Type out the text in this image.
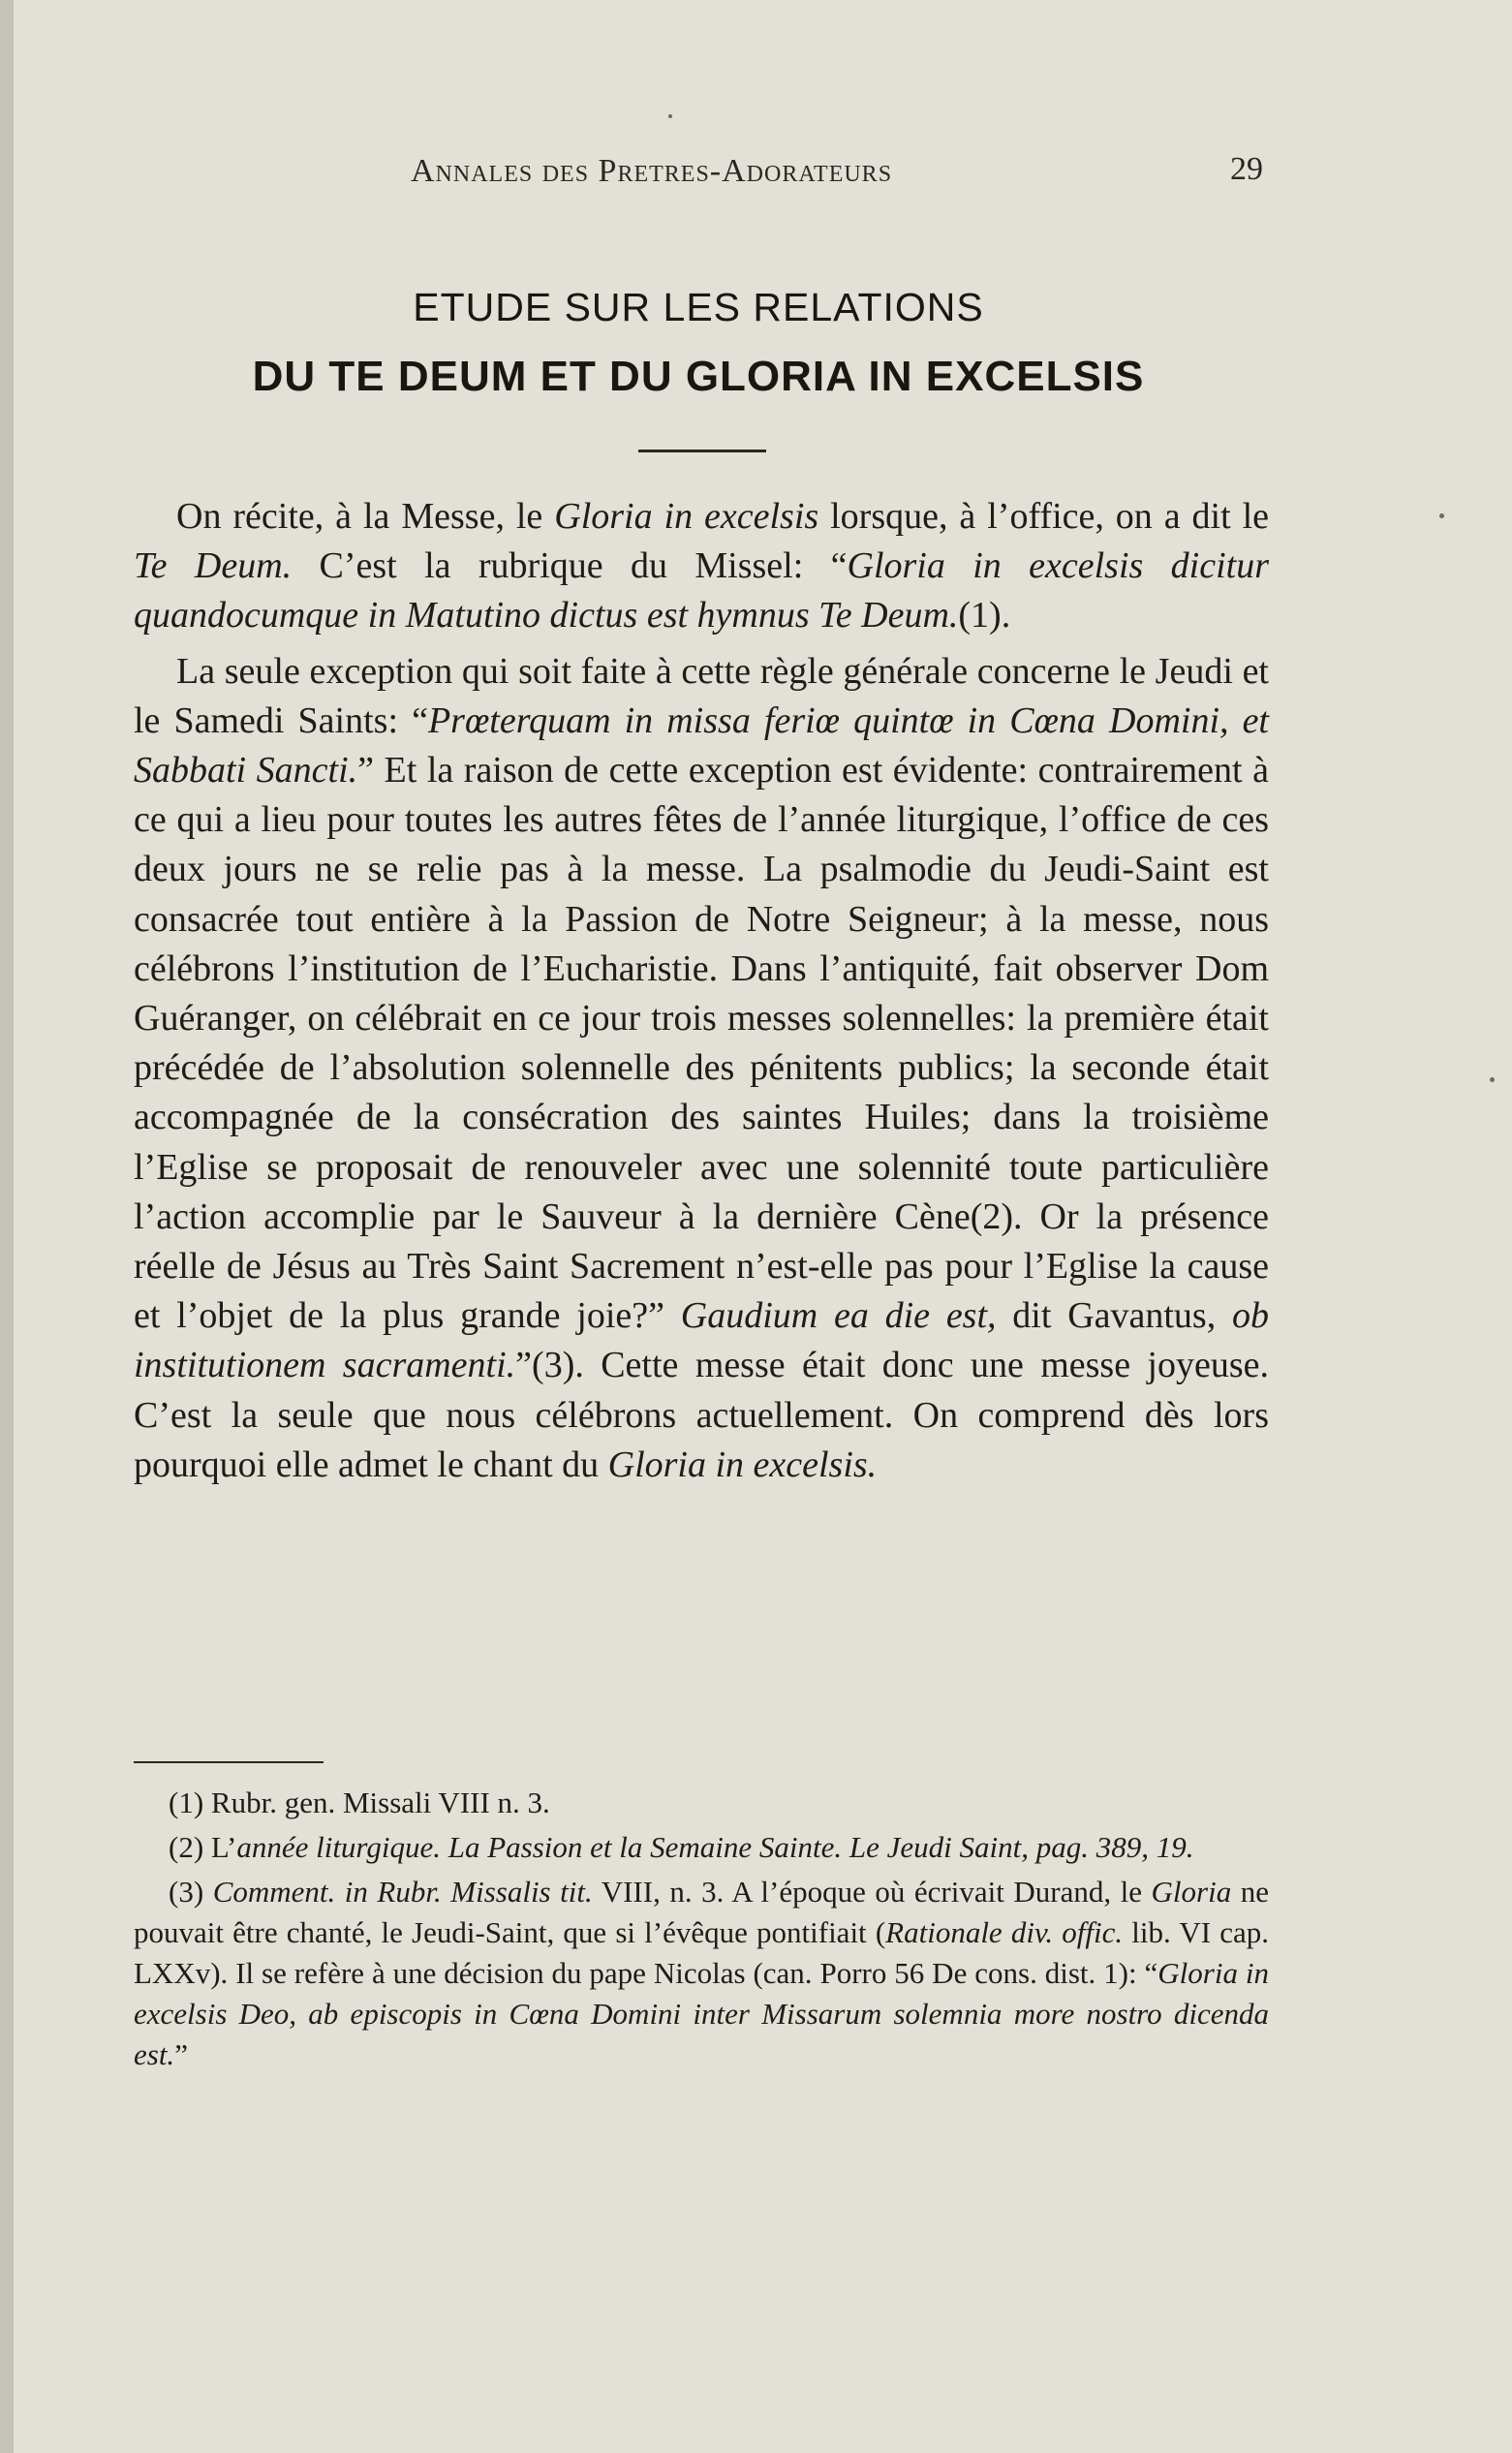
Annales des Pretres-Adorateurs	29
ETUDE SUR LES RELATIONS
DU TE DEUM ET DU GLORIA IN EXCELSIS

On récite, à la Messe, le Gloria in excelsis lorsque, à l’office, on a dit le Te Deum. C’est la rubrique du Missel: “Gloria in excelsis dicitur quandocumque in Matutino dictus est hymnus Te Deum.(1).

La seule exception qui soit faite à cette règle générale concerne le Jeudi et le Samedi Saints: “Prœterquam in missa feriœ quintœ in Cœna Domini, et Sabbati Sancti.” Et la raison de cette exception est évidente: contrairement à ce qui a lieu pour toutes les autres fêtes de l’année liturgique, l’office de ces deux jours ne se relie pas à la messe. La psalmodie du Jeudi-Saint est consacrée tout entière à la Passion de Notre Seigneur; à la messe, nous célébrons l’institution de l’Eucharistie. Dans l’antiquité, fait observer Dom Guéranger, on célébrait en ce jour trois messes solennelles: la première était précédée de l’absolution solennelle des pénitents publics; la seconde était accompagnée de la consécration des saintes Huiles; dans la troisième l’Eglise se proposait de renouveler avec une solennité toute particulière l’action accomplie par le Sauveur à la dernière Cène(2). Or la présence réelle de Jésus au Très Saint Sacrement n’est-elle pas pour l’Eglise la cause et l’objet de la plus grande joie?” Gaudium ea die est, dit Gavantus, ob institutionem sacramenti.”(3). Cette messe était donc une messe joyeuse. C’est la seule que nous célébrons actuellement. On comprend dès lors pourquoi elle admet le chant du Gloria in excelsis.

(1) Rubr. gen. Missali VIII n. 3.

(2) L’année liturgique. La Passion et la Semaine Sainte. Le Jeudi Saint, pag. 389, 19.

(3) Comment. in Rubr. Missalis tit. VIII, n. 3. A l’époque où écrivait Durand, le Gloria ne pouvait être chanté, le Jeudi-Saint, que si l’évêque pontifiait (Rationale div. offic. lib. VI cap. LXXv). Il se refère à une décision du pape Nicolas (can. Porro 56 De cons. dist. 1): “Gloria in excelsis Deo, ab episcopis in Cœna Domini inter Missarum solemnia more nostro dicenda est.”
